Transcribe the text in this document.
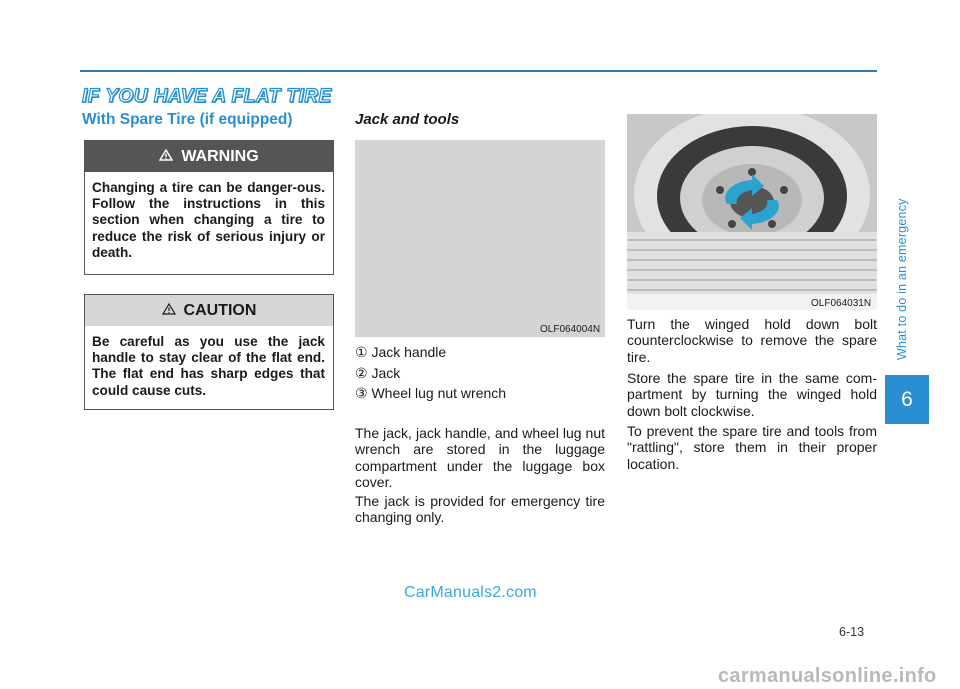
IF YOU HAVE A FLAT TIRE
With Spare Tire (if equipped)
WARNING
Changing a tire can be danger-ous. Follow the instructions in this section when changing a tire to reduce the risk of serious injury or death.
CAUTION
Be careful as you use the jack handle to stay clear of the flat end. The flat end has sharp edges that could cause cuts.
Jack and tools
OLF064004N
① Jack handle
② Jack
③ Wheel lug nut wrench

The jack, jack handle, and wheel lug nut wrench are stored in the luggage compartment under the luggage box cover.

The jack is provided for emergency tire changing only.

OLF064031N

Turn the winged hold down bolt counterclockwise to remove the spare tire.

Store the spare tire in the same com-partment by turning the winged hold down bolt clockwise.

To prevent the spare tire and tools from "rattling", store them in their proper location.

What to do in an emergency
6
6-13
CarManuals2.com
carmanualsonline.info
